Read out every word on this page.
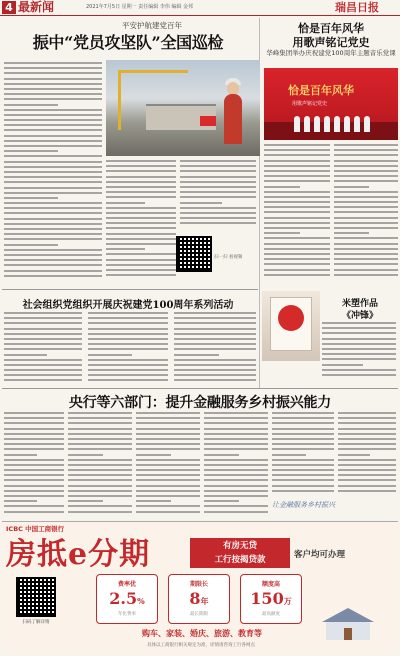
4 最新闻	2021年7月5日 星期一 责任编辑 李伟 编辑 金邦	瑞昌日报
平安护航建党百年
振中“党员攻坚队”全国巡检
扫一扫 看视频
恰是百年风华
用歌声铭记党史
华峰集团举办庆祝建党100周年主题音乐党课
恰是百年风华
用歌声铭记党史
社会组织党组织开展庆祝建党100周年系列活动	米塑作品
《冲锋》
央行等六部门：提升金融服务乡村振兴能力
让金融服务乡村振兴
ICBC 中国工商银行
房抵e分期	有房无贷
工行按揭贷款	客户均可办理
扫码了解详情
费率优
2.5%
年化费率
期限长
8年
最长期限
额度高
150万
最高额度
购车、家装、婚庆、旅游、教育等
具体以工商银行相关规定为准，详情请咨询工行各网点
